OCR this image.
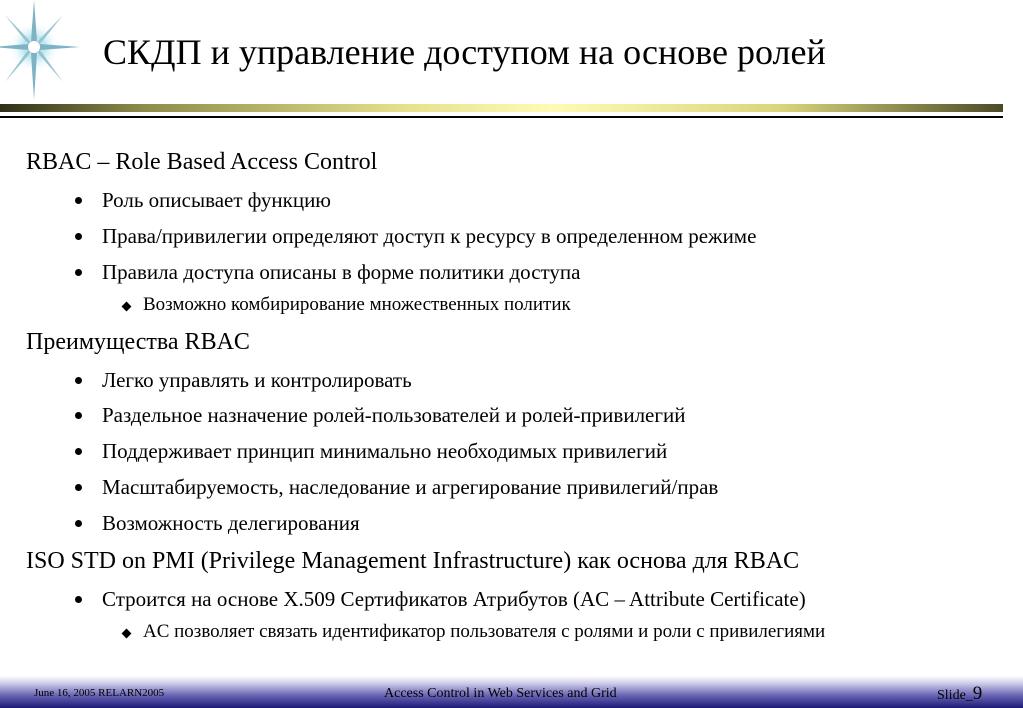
СКДП и управление доступом на основе ролей
RBAC – Role Based Access Control
Роль описывает функцию
Права/привилегии определяют доступ к ресурсу в определенном режиме
Правила доступа описаны в форме политики доступа
Возможно комбирирование множественных политик
Преимущества RBAC
Легко управлять и контролировать
Раздельное назначение ролей-пользователей и ролей-привилегий
Поддерживает принцип минимально необходимых привилегий
Масштабируемость, наследование и агрегирование привилегий/прав
Возможность делегирования
ISO STD on PMI (Privilege Management Infrastructure) как основа для RBAC
Строится на основе X.509 Сертификатов Атрибутов (AC – Attribute Certificate)
AC позволяет связать идентификатор пользователя с ролями и роли с привилегиями
June 16, 2005 RELARN2005	Access Control in Web Services and Grid	Slide_9
